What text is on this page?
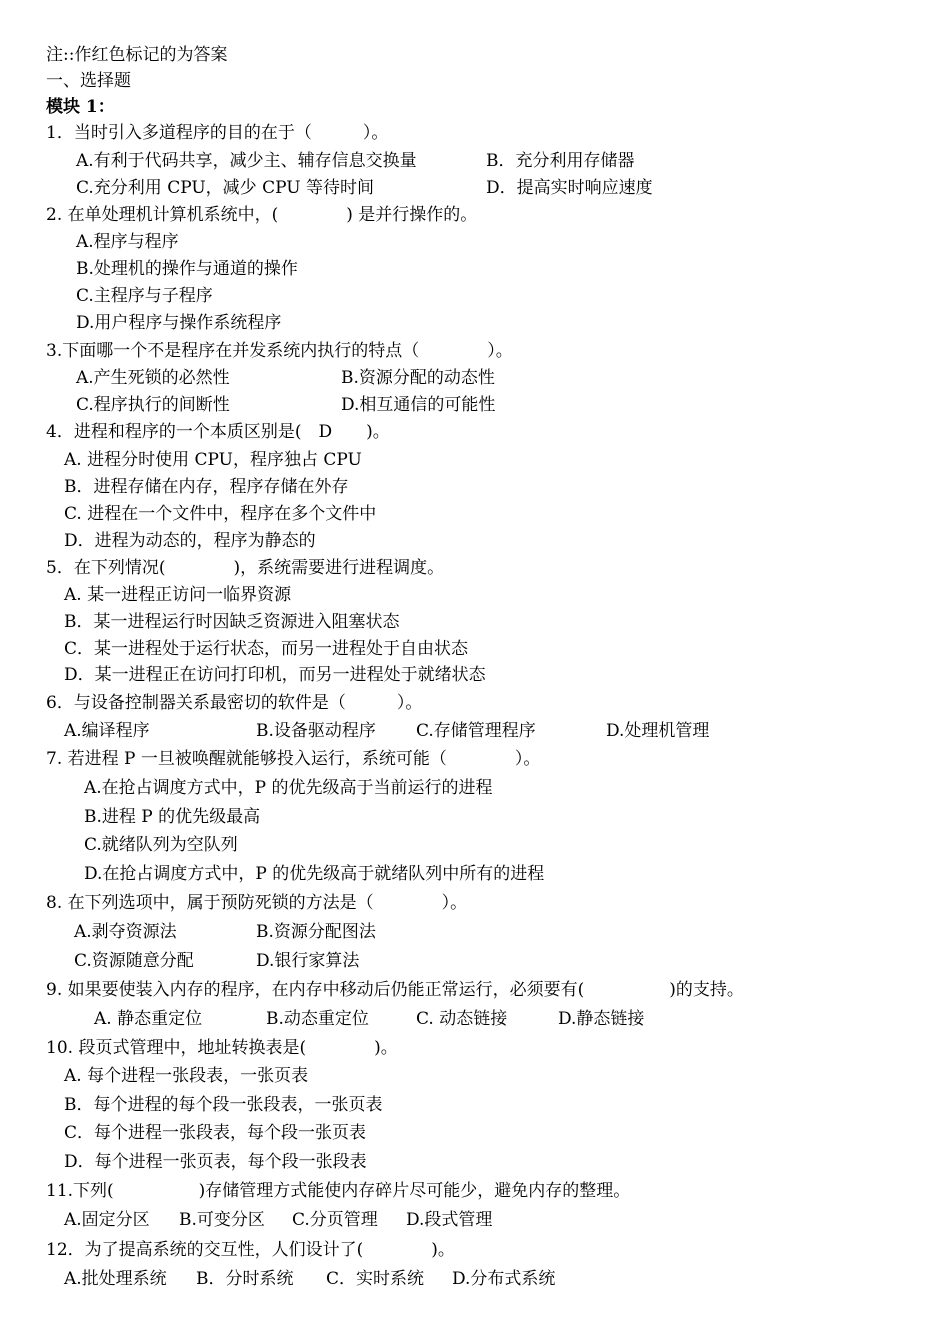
注::作红色标记的为答案
一、选择题
模块 1：
1．当时引入多道程序的目的在于（　　　）。
A.有利于代码共享，减少主、辅存信息交换量	B．充分利用存储器
C.充分利用 CPU，减少 CPU 等待时间	D．提高实时响应速度
2. 在单处理机计算机系统中，(　　　　) 是并行操作的。
A.程序与程序
B.处理机的操作与通道的操作
C.主程序与子程序
D.用户程序与操作系统程序
3.下面哪一个不是程序在并发系统内执行的特点（　　　　）。
A.产生死锁的必然性	B.资源分配的动态性
C.程序执行的间断性	D.相互通信的可能性
4．进程和程序的一个本质区别是(　D　　)。
A. 进程分时使用 CPU，程序独占 CPU
B．进程存储在内存，程序存储在外存
C. 进程在一个文件中，程序在多个文件中
D．进程为动态的，程序为静态的
5．在下列情况(　　　　)，系统需要进行进程调度。
A. 某一进程正访问一临界资源
B．某一进程运行时因缺乏资源进入阻塞状态
C．某一进程处于运行状态，而另一进程处于自由状态
D．某一进程正在访问打印机，而另一进程处于就绪状态
6．与设备控制器关系最密切的软件是（　　　）。
A.编译程序	B.设备驱动程序 C.存储管理程序	D.处理机管理
7. 若进程 P 一旦被唤醒就能够投入运行，系统可能（　　　　）。
A.在抢占调度方式中，P 的优先级高于当前运行的进程
B.进程 P 的优先级最高
C.就绪队列为空队列
D.在抢占调度方式中，P 的优先级高于就绪队列中所有的进程
8. 在下列选项中，属于预防死锁的方法是（　　　　）。
A.剥夺资源法	B.资源分配图法
C.资源随意分配	D.银行家算法
9. 如果要使装入内存的程序，在内存中移动后仍能正常运行，必须要有(　　　　　)的支持。
A. 静态重定位	B.动态重定位	C. 动态链接	D.静态链接
10. 段页式管理中，地址转换表是(　　　　)。
A. 每个进程一张段表，一张页表
B．每个进程的每个段一张段表，一张页表
C．每个进程一张段表，每个段一张页表
D．每个进程一张页表，每个段一张段表
11.下列(　　　　　)存储管理方式能使内存碎片尽可能少，避免内存的整理。
A.固定分区 B.可变分区 C.分页管理 D.段式管理
12．为了提高系统的交互性，人们设计了(　　　　)。
A.批处理系统 B．分时系统 C．实时系统 D.分布式系统
